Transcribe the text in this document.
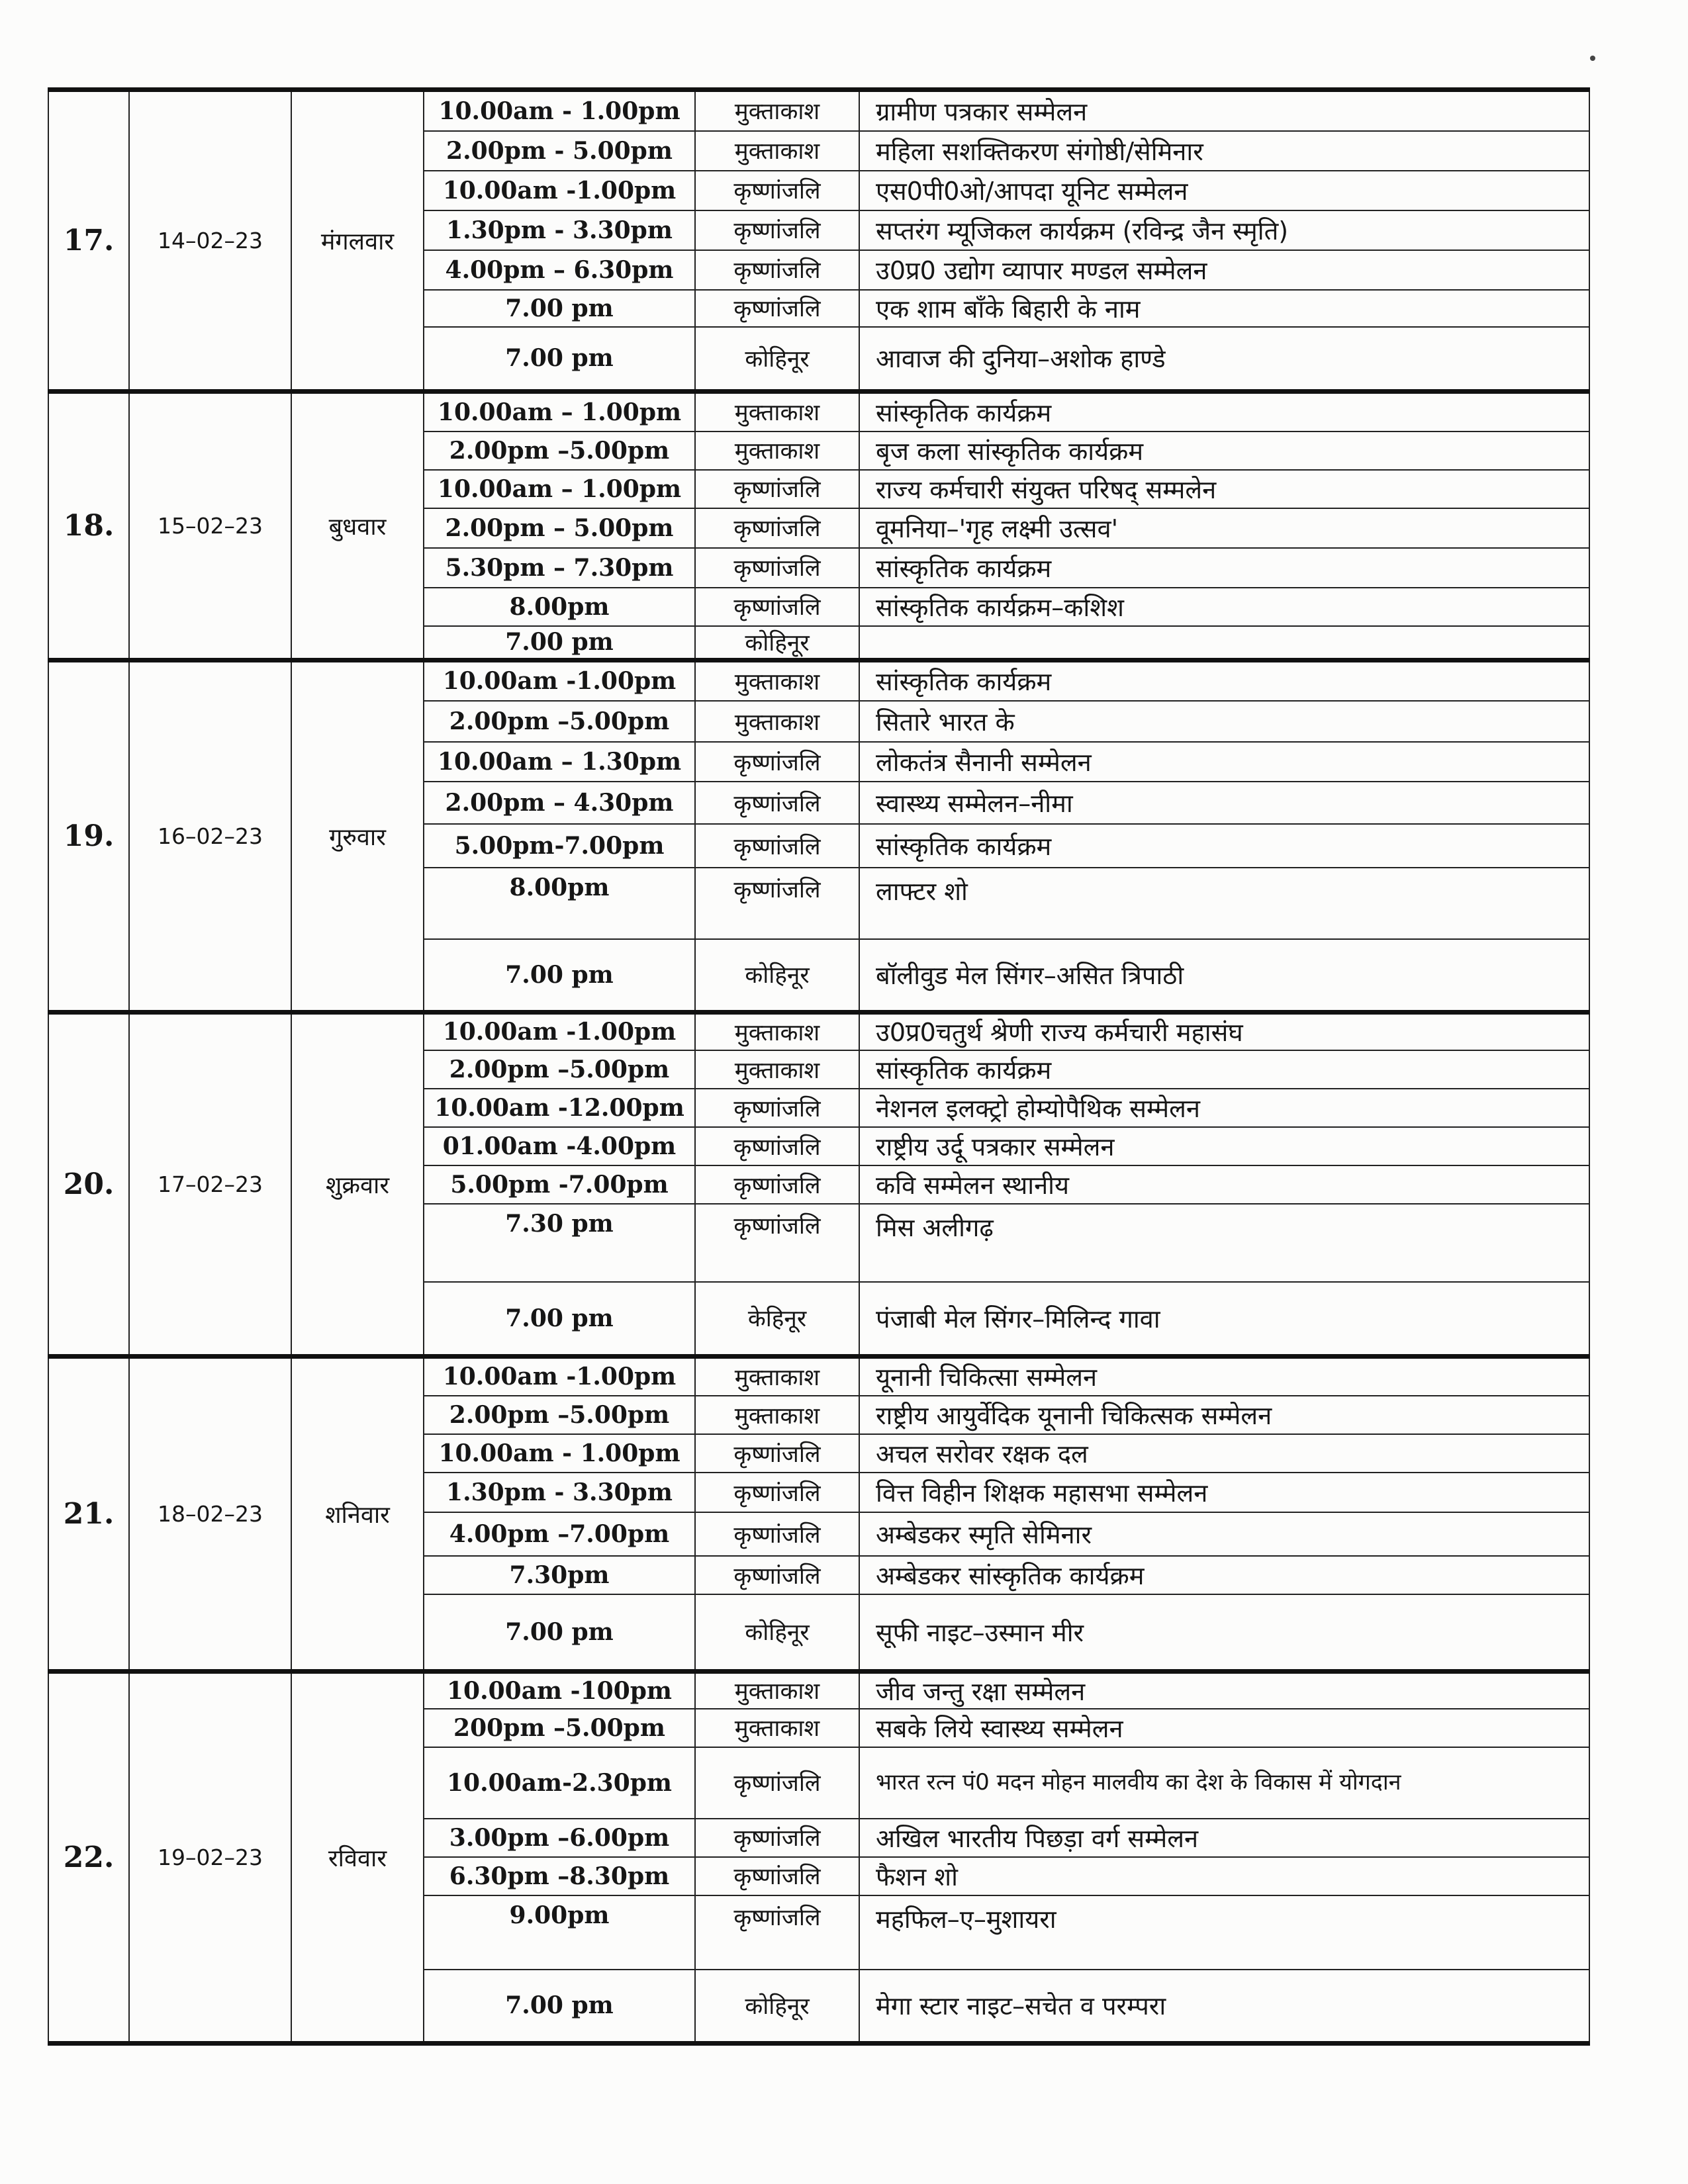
17.	14–02–23	मंगलवार	10.00am - 1.00pm	मुक्ताकाश	ग्रामीण पत्रकार सम्मेलन
			2.00pm - 5.00pm	मुक्ताकाश	महिला सशक्तिकरण संगोष्ठी/सेमिनार
			10.00am -1.00pm	कृष्णांजलि	एस0पी0ओ/आपदा यूनिट सम्मेलन
			1.30pm - 3.30pm	कृष्णांजलि	सप्तरंग म्यूजिकल कार्यक्रम (रविन्द्र जैन स्मृति)
			4.00pm – 6.30pm	कृष्णांजलि	उ0प्र0 उद्योग व्यापार मण्डल सम्मेलन
			7.00 pm	कृष्णांजलि	एक शाम बाँके बिहारी के नाम
			7.00 pm	कोहिनूर	आवाज की दुनिया–अशोक हाण्डे
18.	15–02–23	बुधवार	10.00am – 1.00pm	मुक्ताकाश	सांस्कृतिक कार्यक्रम
			2.00pm –5.00pm	मुक्ताकाश	बृज कला सांस्कृतिक कार्यक्रम
			10.00am – 1.00pm	कृष्णांजलि	राज्य कर्मचारी संयुक्त परिषद् सम्मलेन
			2.00pm – 5.00pm	कृष्णांजलि	वूमनिया–'गृह लक्ष्मी उत्सव'
			5.30pm – 7.30pm	कृष्णांजलि	सांस्कृतिक कार्यक्रम
			8.00pm	कृष्णांजलि	सांस्कृतिक कार्यक्रम–कशिश
			7.00 pm	कोहिनूर	
19.	16–02–23	गुरुवार	10.00am -1.00pm	मुक्ताकाश	सांस्कृतिक कार्यक्रम
			2.00pm –5.00pm	मुक्ताकाश	सितारे भारत के
			10.00am – 1.30pm	कृष्णांजलि	लोकतंत्र सैनानी सम्मेलन
			2.00pm – 4.30pm	कृष्णांजलि	स्वास्थ्य सम्मेलन–नीमा
			5.00pm-7.00pm	कृष्णांजलि	सांस्कृतिक कार्यक्रम
			8.00pm	कृष्णांजलि	लाफ्टर शो
			7.00 pm	कोहिनूर	बॉलीवुड मेल सिंगर–असित त्रिपाठी
20.	17–02–23	शुक्रवार	10.00am -1.00pm	मुक्ताकाश	उ0प्र0चतुर्थ श्रेणी राज्य कर्मचारी महासंघ
			2.00pm –5.00pm	मुक्ताकाश	सांस्कृतिक कार्यक्रम
			10.00am -12.00pm	कृष्णांजलि	नेशनल इलक्ट्रो होम्योपैथिक सम्मेलन
			01.00am -4.00pm	कृष्णांजलि	राष्ट्रीय उर्दू पत्रकार सम्मेलन
			5.00pm -7.00pm	कृष्णांजलि	कवि सम्मेलन स्थानीय
			7.30 pm	कृष्णांजलि	मिस अलीगढ़
			7.00 pm	केहिनूर	पंजाबी मेल सिंगर–मिलिन्द गावा
21.	18–02–23	शनिवार	10.00am -1.00pm	मुक्ताकाश	यूनानी चिकित्सा सम्मेलन
			2.00pm –5.00pm	मुक्ताकाश	राष्ट्रीय आयुर्वेदिक यूनानी चिकित्सक सम्मेलन
			10.00am - 1.00pm	कृष्णांजलि	अचल सरोवर रक्षक दल
			1.30pm - 3.30pm	कृष्णांजलि	वित्त विहीन शिक्षक महासभा सम्मेलन
			4.00pm –7.00pm	कृष्णांजलि	अम्बेडकर स्मृति सेमिनार
			7.30pm	कृष्णांजलि	अम्बेडकर सांस्कृतिक कार्यक्रम
			7.00 pm	कोहिनूर	सूफी नाइट–उस्मान मीर
22.	19–02–23	रविवार	10.00am -100pm	मुक्ताकाश	जीव जन्तु रक्षा सम्मेलन
			200pm –5.00pm	मुक्ताकाश	सबके लिये स्वास्थ्य सम्मेलन
			10.00am-2.30pm	कृष्णांजलि	भारत रत्न पं0 मदन मोहन मालवीय का देश के विकास में योगदान
			3.00pm –6.00pm	कृष्णांजलि	अखिल भारतीय पिछड़ा वर्ग सम्मेलन
			6.30pm –8.30pm	कृष्णांजलि	फैशन शो
			9.00pm	कृष्णांजलि	महफिल–ए–मुशायरा
			7.00 pm	कोहिनूर	मेगा स्टार नाइट–सचेत व परम्परा
